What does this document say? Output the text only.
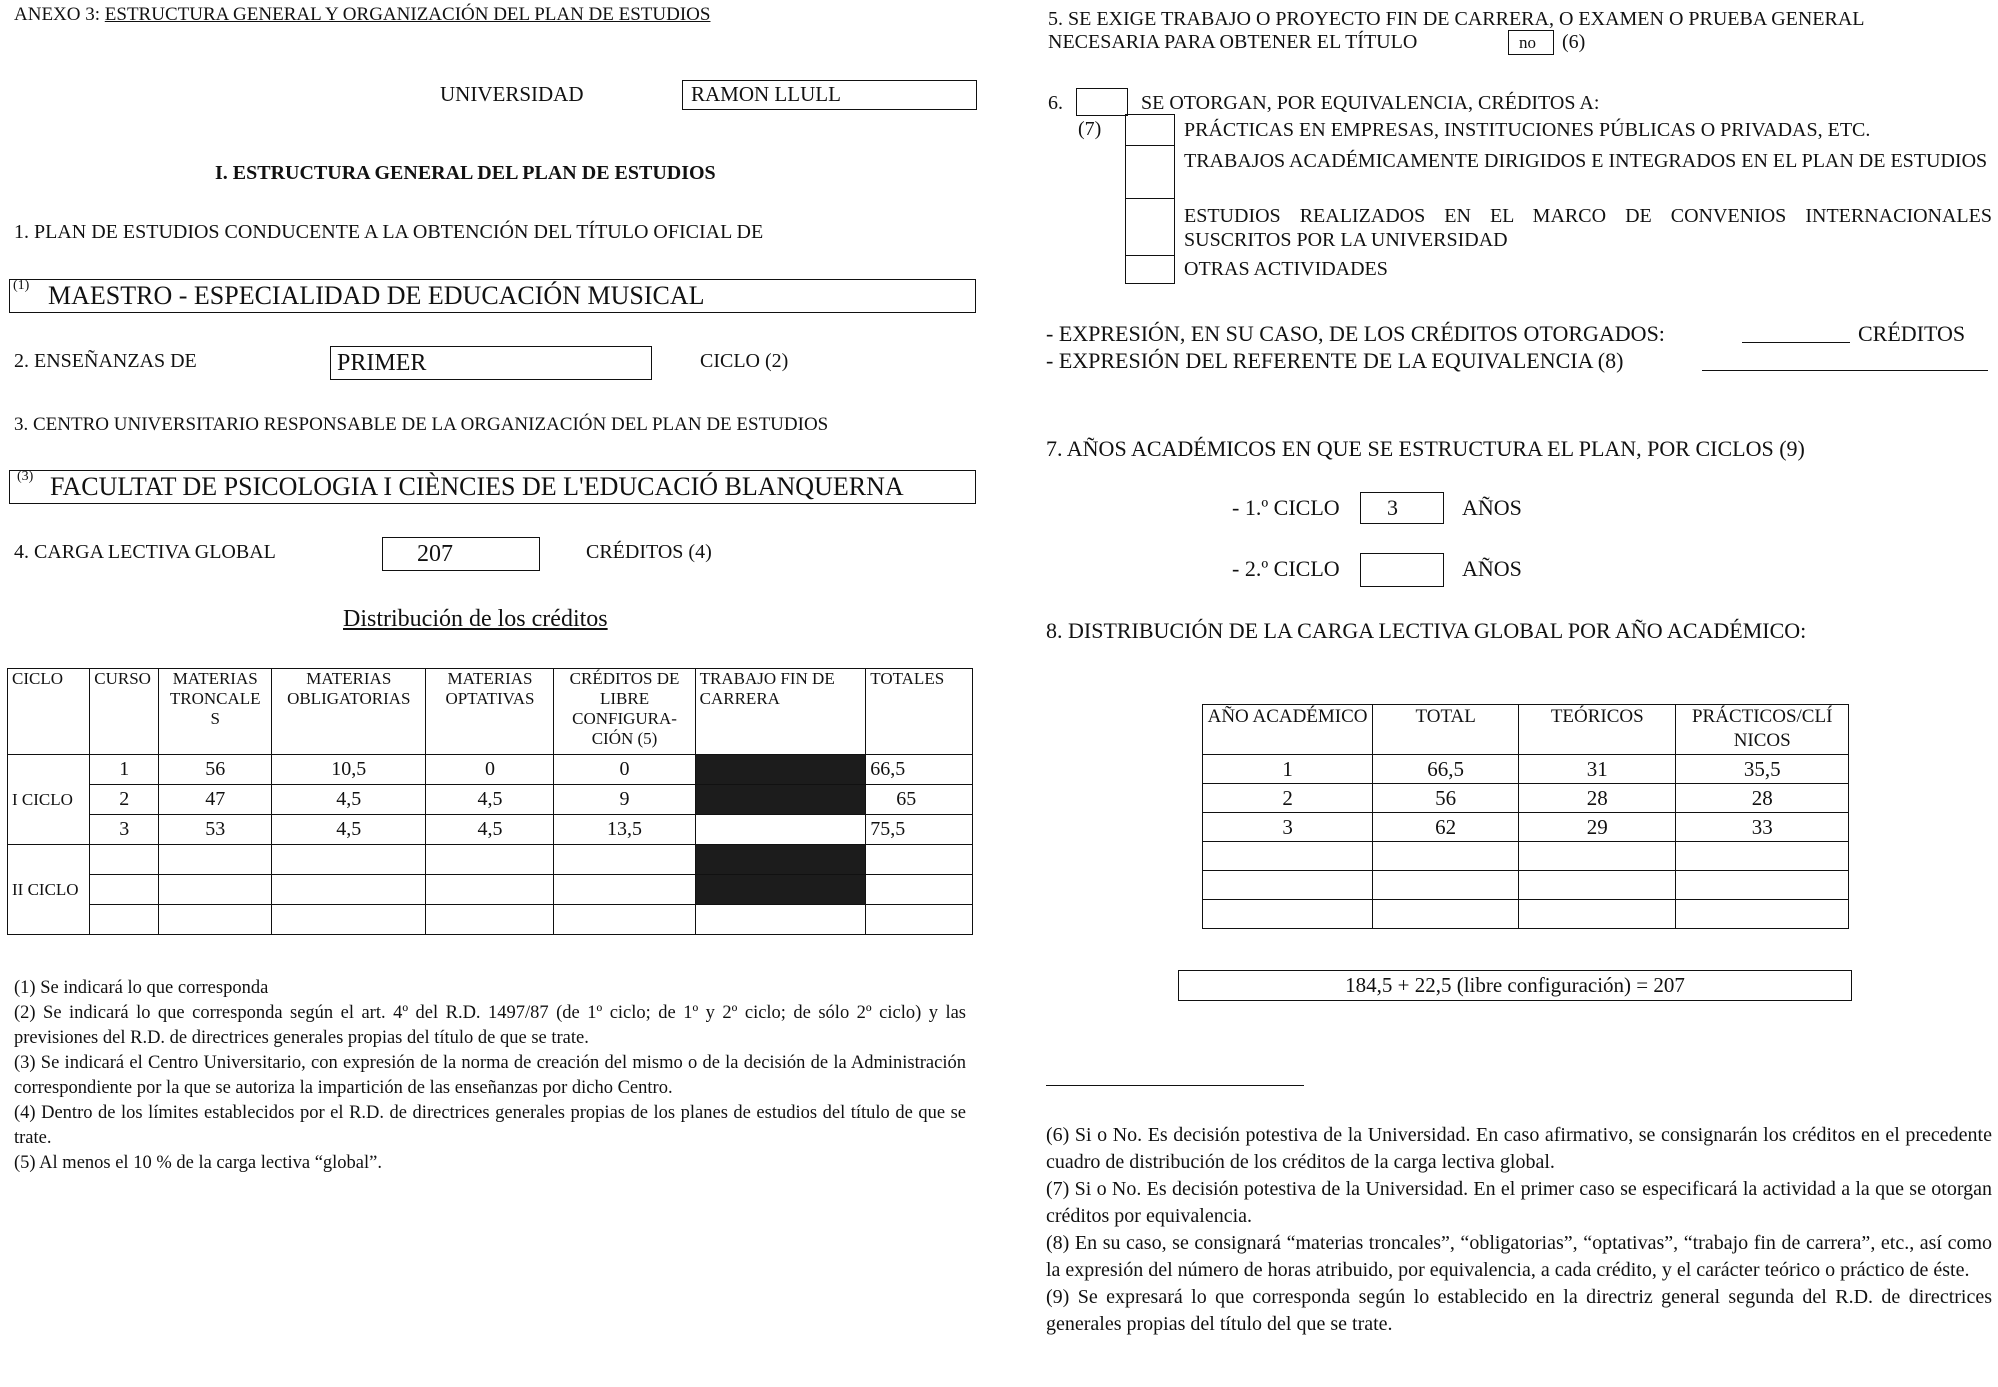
ANEXO 3: ESTRUCTURA GENERAL Y ORGANIZACIÓN DEL PLAN DE ESTUDIOS
UNIVERSIDAD	RAMON LLULL
I. ESTRUCTURA GENERAL DEL PLAN DE ESTUDIOS
1. PLAN DE ESTUDIOS CONDUCENTE A LA OBTENCIÓN DEL TÍTULO OFICIAL DE
(1) MAESTRO - ESPECIALIDAD DE EDUCACIÓN MUSICAL
2. ENSEÑANZAS DE	PRIMER	CICLO (2)
3. CENTRO UNIVERSITARIO RESPONSABLE DE LA ORGANIZACIÓN DEL PLAN DE ESTUDIOS
(3) FACULTAT DE PSICOLOGIA I CIÈNCIES DE L'EDUCACIÓ BLANQUERNA
4. CARGA LECTIVA GLOBAL	207	CRÉDITOS (4)
Distribución de los créditos
CICLO	CURSO	MATERIAS TRONCALE S	MATERIAS OBLIGATORIAS	MATERIAS OPTATIVAS	CRÉDITOS DE LIBRE CONFIGURA-CIÓN (5)	TRABAJO FIN DE CARRERA	TOTALES
I CICLO	1	56	10,5	0	0		66,5
	2	47	4,5	4,5	9		65
	3	53	4,5	4,5	13,5		75,5
II CICLO							

(1) Se indicará lo que corresponda

(2) Se indicará lo que corresponda según el art. 4º del R.D. 1497/87 (de 1º ciclo; de 1º y 2º ciclo; de sólo 2º ciclo) y las previsiones del R.D. de directrices generales propias del título de que se trate.

(3) Se indicará el Centro Universitario, con expresión de la norma de creación del mismo o de la decisión de la Administración correspondiente por la que se autoriza la impartición de las enseñanzas por dicho Centro.

(4) Dentro de los límites establecidos por el R.D. de directrices generales propias de los planes de estudios del título de que se trate.

(5) Al menos el 10 % de la carga lectiva “global”.

5. SE EXIGE TRABAJO O PROYECTO FIN DE CARRERA, O EXAMEN O PRUEBA GENERAL
NECESARIA PARA OBTENER EL TÍTULO	no (6)
6.	SE OTORGAN, POR EQUIVALENCIA, CRÉDITOS A:
(7)	PRÁCTICAS EN EMPRESAS, INSTITUCIONES PÚBLICAS O PRIVADAS, ETC.
TRABAJOS ACADÉMICAMENTE DIRIGIDOS E INTEGRADOS EN EL PLAN DE ESTUDIOS
ESTUDIOS REALIZADOS EN EL MARCO DE CONVENIOS INTERNACIONALES SUSCRITOS POR LA UNIVERSIDAD
OTRAS ACTIVIDADES
- EXPRESIÓN, EN SU CASO, DE LOS CRÉDITOS OTORGADOS:	CRÉDITOS
- EXPRESIÓN DEL REFERENTE DE LA EQUIVALENCIA (8)
7. AÑOS ACADÉMICOS EN QUE SE ESTRUCTURA EL PLAN, POR CICLOS (9)
- 1.º CICLO 3	AÑOS
- 2.º CICLO	AÑOS
8. DISTRIBUCIÓN DE LA CARGA LECTIVA GLOBAL POR AÑO ACADÉMICO:
AÑO ACADÉMICO	TOTAL	TEÓRICOS	PRÁCTICOS/CLÍ NICOS
1	66,5	31	35,5
2	56	28	28
3	62	29	33

184,5 + 22,5 (libre configuración) = 207

(6) Si o No. Es decisión potestiva de la Universidad. En caso afirmativo, se consignarán los créditos en el precedente cuadro de distribución de los créditos de la carga lectiva global.

(7) Si o No. Es decisión potestiva de la Universidad. En el primer caso se especificará la actividad a la que se otorgan créditos por equivalencia.

(8) En su caso, se consignará “materias troncales”, “obligatorias”, “optativas”, “trabajo fin de carrera”, etc., así como la expresión del número de horas atribuido, por equivalencia, a cada crédito, y el carácter teórico o práctico de éste.

(9) Se expresará lo que corresponda según lo establecido en la directriz general segunda del R.D. de directrices generales propias del título del que se trate.
